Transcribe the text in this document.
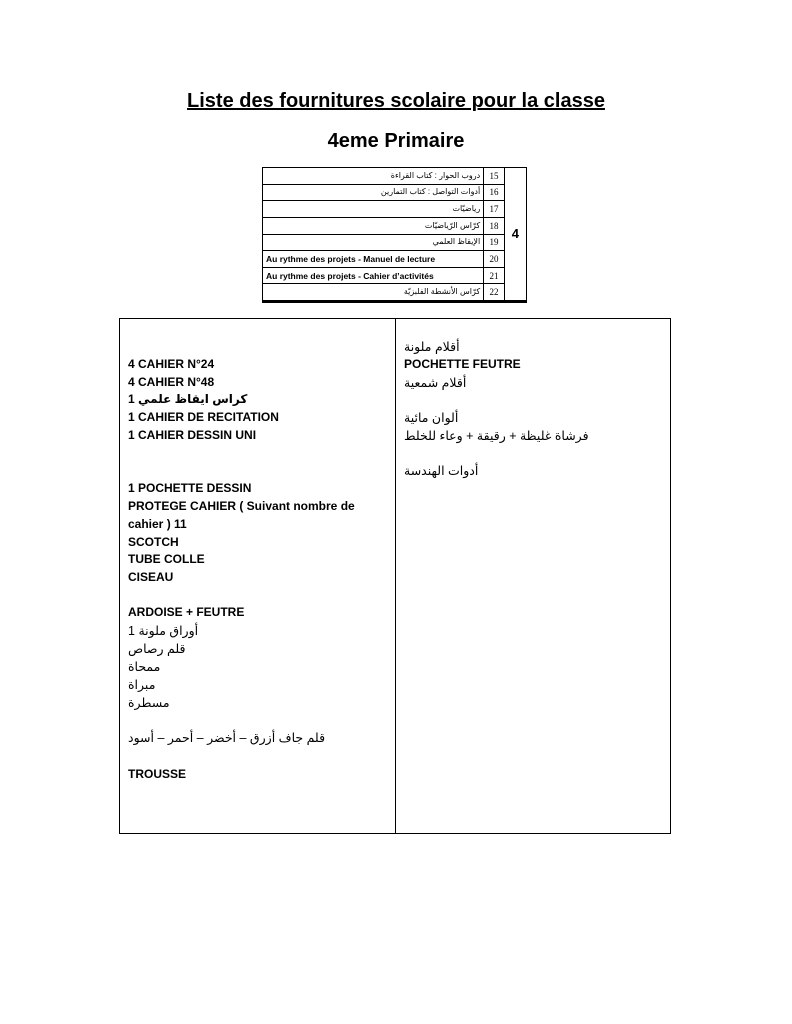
Liste des fournitures scolaire pour la classe
4eme Primaire
دروب الحوار : كتاب القراءة	15	4
أدوات التواصل : كتاب التمارين	16	
رياضيّات	17	
كرّاس الرّياضيّات	18	
الإيقاظ العلمي	19	
Au rythme des projets - Manuel de lecture	20	
Au rythme des projets - Cahier d’activités	21	
كرّاس الأنشطة الفلبزيّة	22	
4 CAHIER N°24
4 CAHIER N°48
1 كراس ايقاظ علمي
1 CAHIER DE RECITATION
1 CAHIER DESSIN UNI
1 POCHETTE DESSIN
PROTEGE CAHIER ( Suivant nombre de
cahier ) 11
SCOTCH
TUBE COLLE
CISEAU
ARDOISE + FEUTRE
1 أوراق ملونة
قلم رصاص
ممحاة
مبراة
مسطرة
قلم جاف أزرق – أخضر – أحمر – أسود
TROUSSE
أقلام ملونة
POCHETTE FEUTRE
أقلام شمعية
ألوان مائية
فرشاة غليظة + رقيقة + وعاء للخلط
أدوات الهندسة
